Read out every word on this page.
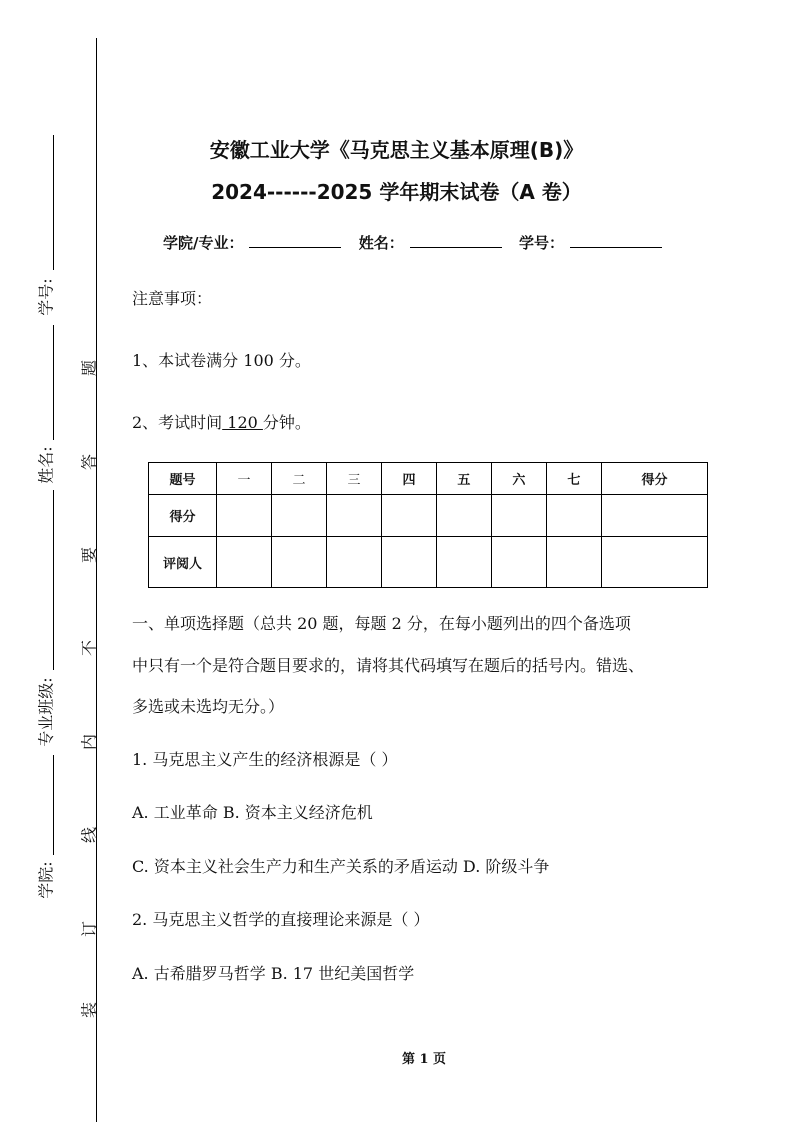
学号:
姓名:
专业班级:
学院:
题
答
要
不
内
线
订
装
安徽工业大学《马克思主义基本原理(B)》
2024------2025 学年期末试卷（A 卷）
学院/专业：	姓名：	学号：
注意事项：
1、本试卷满分 100 分。
2、考试时间 120 分钟。
题号	一	二	三	四	五	六	七	得分
得分								
评阅人								
一、单项选择题（总共 20 题，每题 2 分，在每小题列出的四个备选项
中只有一个是符合题目要求的，请将其代码填写在题后的括号内。错选、
多选或未选均无分。）
1. 马克思主义产生的经济根源是（ ）
A. 工业革命 B. 资本主义经济危机
C. 资本主义社会生产力和生产关系的矛盾运动 D. 阶级斗争
2. 马克思主义哲学的直接理论来源是（ ）
A. 古希腊罗马哲学 B. 17 世纪美国哲学
第 1 页
